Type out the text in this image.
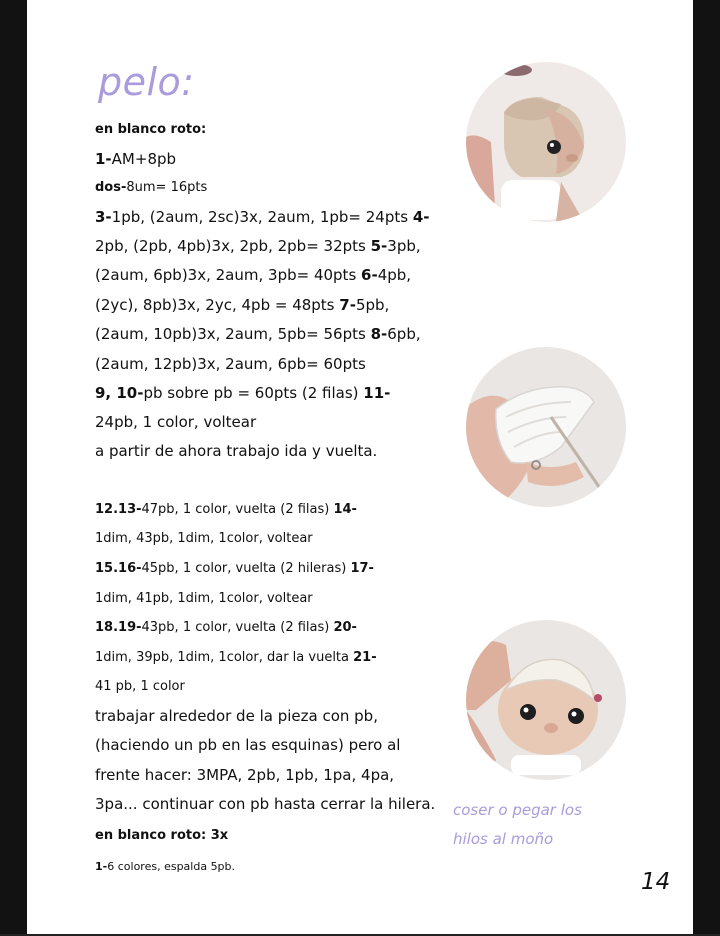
pelo:
en blanco roto:
1-AM+8pb
dos-8um= 16pts
3-1pb, (2aum, 2sc)3x, 2aum, 1pb= 24pts 4-
2pb, (2pb, 4pb)3x, 2pb, 2pb= 32pts 5-3pb,
(2aum, 6pb)3x, 2aum, 3pb= 40pts 6-4pb,
(2yc), 8pb)3x, 2yc, 4pb = 48pts 7-5pb,
(2aum, 10pb)3x, 2aum, 5pb= 56pts 8-6pb,
(2aum, 12pb)3x, 2aum, 6pb= 60pts
9, 10-pb sobre pb = 60pts (2 filas) 11-
24pb, 1 color, voltear
a partir de ahora trabajo ida y vuelta.
12.13-47pb, 1 color, vuelta (2 filas) 14-
1dim, 43pb, 1dim, 1color, voltear
15.16-45pb, 1 color, vuelta (2 hileras) 17-
1dim, 41pb, 1dim, 1color, voltear
18.19-43pb, 1 color, vuelta (2 filas) 20-
1dim, 39pb, 1dim, 1color, dar la vuelta 21-
41 pb, 1 color
trabajar alrededor de la pieza con pb,
(haciendo un pb en las esquinas) pero al
frente hacer: 3MPA, 2pb, 1pb, 1pa, 4pa,
3pa... continuar con pb hasta cerrar la hilera.
en blanco roto: 3x
1-6 colores, espalda 5pb.
coser o pegar los
hilos al moño
14
